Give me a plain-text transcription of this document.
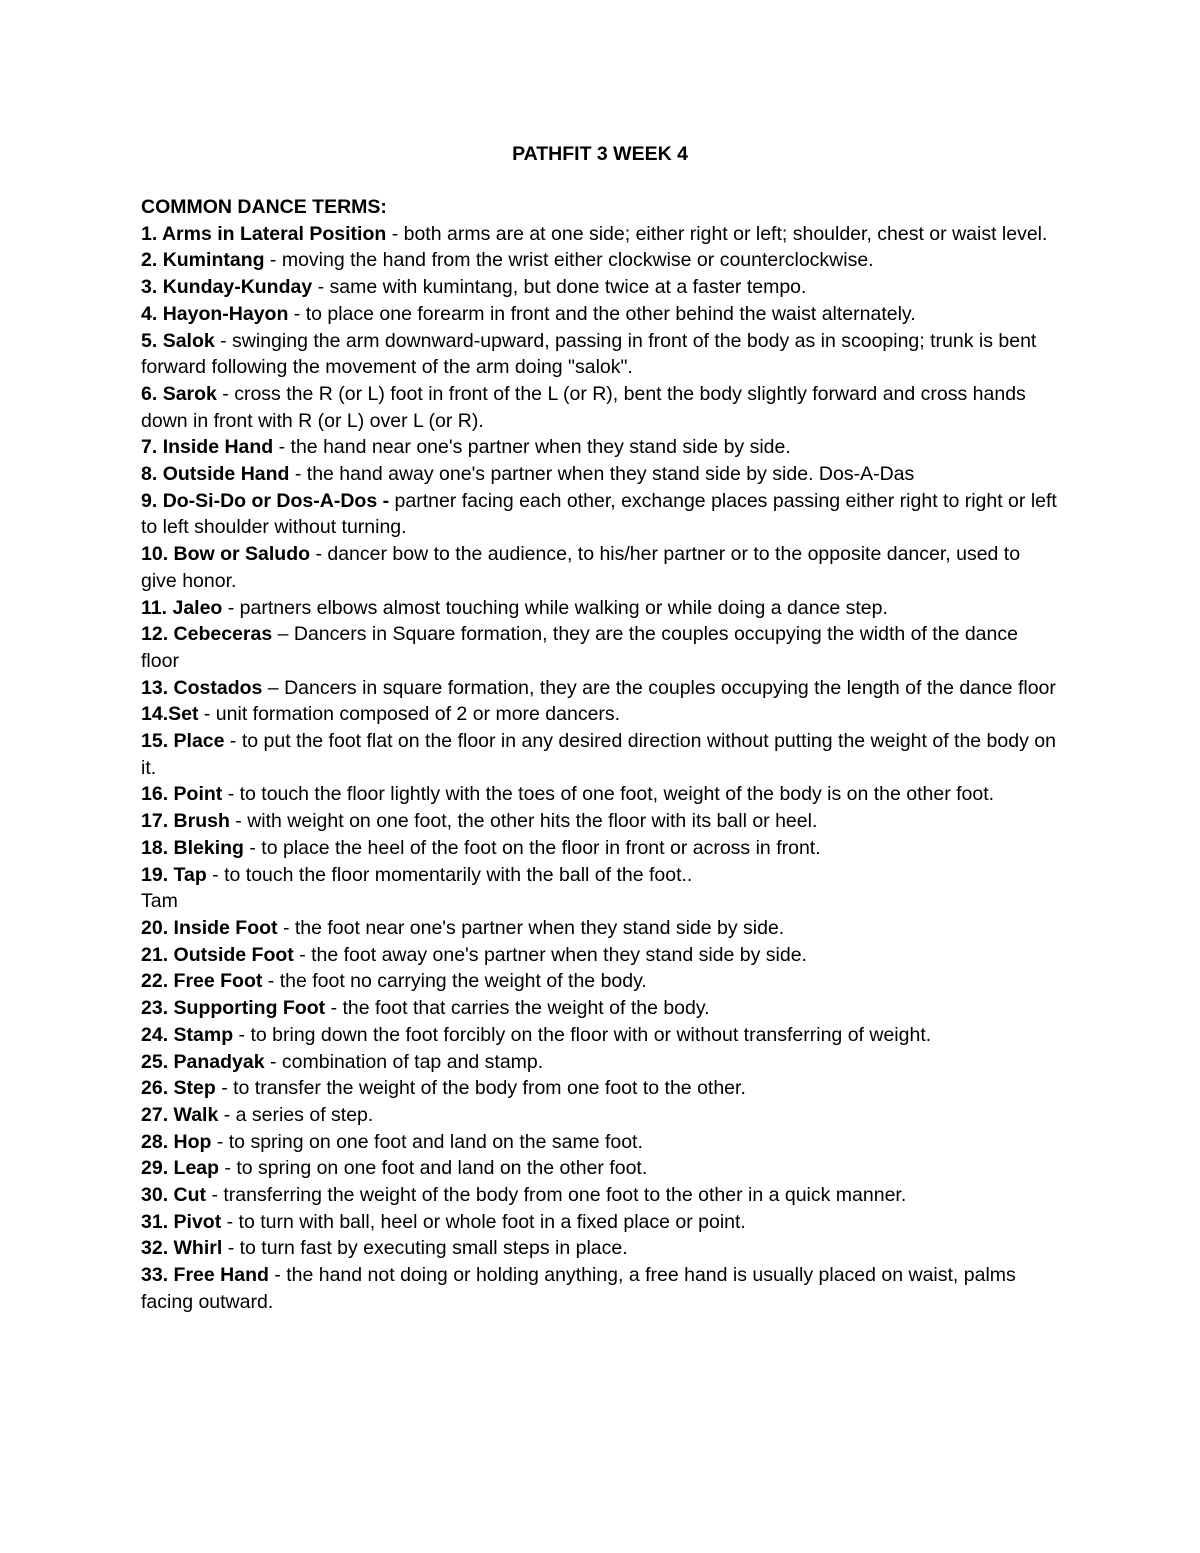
PATHFIT 3 WEEK 4
COMMON DANCE TERMS:
1. Arms in Lateral Position - both arms are at one side; either right or left; shoulder, chest or waist level.
2. Kumintang - moving the hand from the wrist either clockwise or counterclockwise.
3. Kunday-Kunday - same with kumintang, but done twice at a faster tempo.
4. Hayon-Hayon - to place one forearm in front and the other behind the waist alternately.
5. Salok - swinging the arm downward-upward, passing in front of the body as in scooping; trunk is bent forward following the movement of the arm doing "salok".
6. Sarok - cross the R (or L) foot in front of the L (or R), bent the body slightly forward and cross hands down in front with R (or L) over L (or R).
7. Inside Hand - the hand near one's partner when they stand side by side.
8. Outside Hand - the hand away one's partner when they stand side by side. Dos-A-Das
9. Do-Si-Do or Dos-A-Dos - partner facing each other, exchange places passing either right to right or left to left shoulder without turning.
10. Bow or Saludo - dancer bow to the audience, to his/her partner or to the opposite dancer, used to give honor.
11. Jaleo - partners elbows almost touching while walking or while doing a dance step.
12. Cebeceras – Dancers in Square formation, they are the couples occupying the width of the dance floor
13. Costados – Dancers in square formation, they are the couples occupying the length of the dance floor
14.Set - unit formation composed of 2 or more dancers.
15. Place - to put the foot flat on the floor in any desired direction without putting the weight of the body on it.
16. Point - to touch the floor lightly with the toes of one foot, weight of the body is on the other foot.
17. Brush - with weight on one foot, the other hits the floor with its ball or heel.
18. Bleking - to place the heel of the foot on the floor in front or across in front.
19. Tap - to touch the floor momentarily with the ball of the foot..
Tam
20. Inside Foot - the foot near one's partner when they stand side by side.
21. Outside Foot - the foot away one's partner when they stand side by side.
22. Free Foot - the foot no carrying the weight of the body.
23. Supporting Foot - the foot that carries the weight of the body.
24. Stamp - to bring down the foot forcibly on the floor with or without transferring of weight.
25. Panadyak - combination of tap and stamp.
26. Step - to transfer the weight of the body from one foot to the other.
27. Walk - a series of step.
28. Hop - to spring on one foot and land on the same foot.
29. Leap - to spring on one foot and land on the other foot.
30. Cut - transferring the weight of the body from one foot to the other in a quick manner.
31. Pivot - to turn with ball, heel or whole foot in a fixed place or point.
32. Whirl - to turn fast by executing small steps in place.
33. Free Hand - the hand not doing or holding anything, a free hand is usually placed on waist, palms facing outward.
